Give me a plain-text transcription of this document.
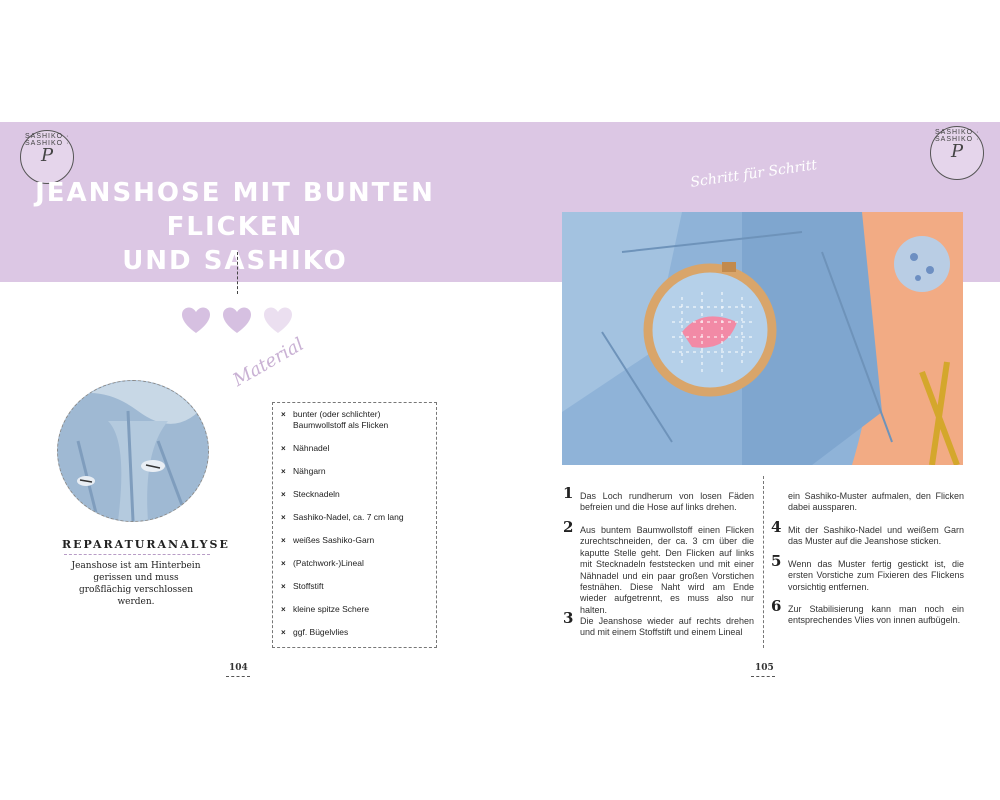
SASHIKO · SASHIKO ·
P
SASHIKO · SASHIKO ·
P
JEANSHOSE MIT BUNTEN FLICKEN
UND SASHIKO REPARIEREN
REPARATURANALYSE
Jeanshose ist am Hinterbein gerissen und muss großflächig verschlossen werden.
Material
× bunter (oder schlichter) Baumwollstoff als Flicken
× Nähnadel
× Nähgarn
× Stecknadeln
× Sashiko-Nadel, ca. 7 cm lang
× weißes Sashiko-Garn
× (Patchwork-)Lineal
× Stoffstift
× kleine spitze Schere
× ggf. Bügelvlies
104
Schritt für Schritt
1 Das Loch rundherum von losen Fäden befreien und die Hose auf links drehen.
2 Aus buntem Baumwollstoff einen Flicken zurechtschneiden, der ca. 3 cm über die kaputte Stelle geht. Den Flicken auf links mit Stecknadeln feststecken und mit einer Nähnadel und ein paar großen Vorstichen festnähen. Diese Naht wird am Ende wieder aufgetrennt, es muss also nur halten.
3 Die Jeanshose wieder auf rechts drehen und mit einem Stoffstift und einem Lineal
ein Sashiko-Muster aufmalen, den Flicken dabei aussparen.
4 Mit der Sashiko-Nadel und weißem Garn das Muster auf die Jeanshose sticken.
5 Wenn das Muster fertig gestickt ist, die ersten Vorstiche zum Fixieren des Flickens vorsichtig entfernen.
6 Zur Stabilisierung kann man noch ein entsprechendes Vlies von innen aufbügeln.
105
